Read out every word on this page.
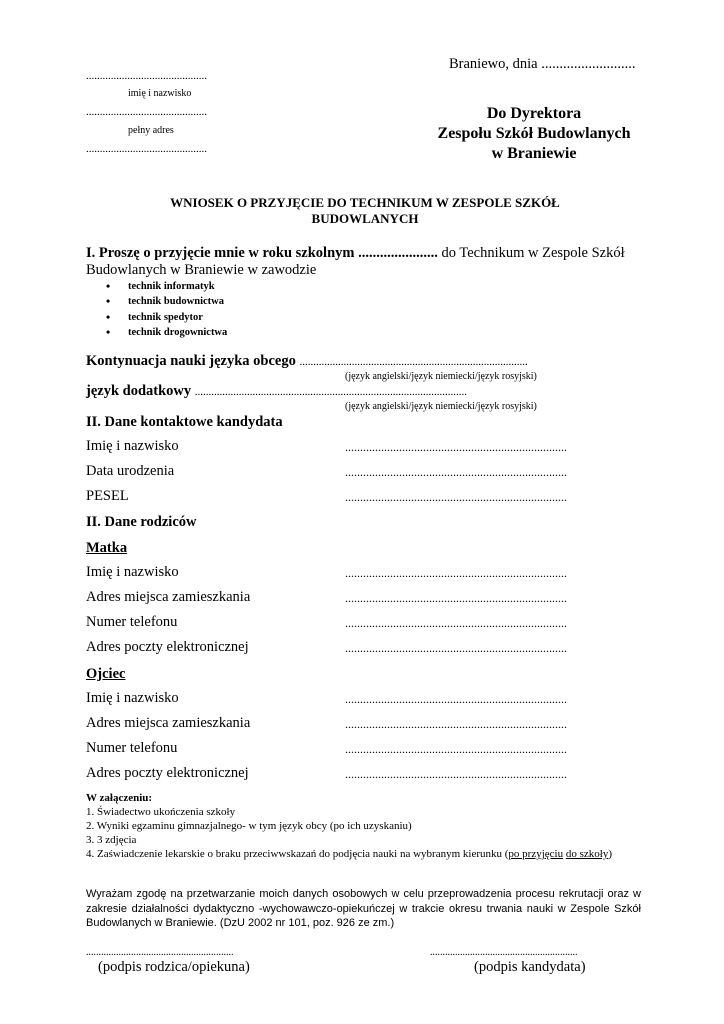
Braniewo, dnia ..........................
............................................
imię i nazwisko
............................................
pełny adres
............................................
Do Dyrektora
Zespołu Szkół Budowlanych
w Braniewie
WNIOSEK O PRZYJĘCIE DO TECHNIKUM W ZESPOLE SZKÓŁ
BUDOWLANYCH
I. Proszę o przyjęcie mnie w roku szkolnym ...................... do Technikum w Zespole Szkół
Budowlanych w Braniewie w zawodzie
• technik informatyk
• technik budownictwa
• technik spedytor
• technik drogownictwa
Kontynuacja nauki języka obcego ...................................................................................
(język angielski/język niemiecki/język rosyjski)
język dodatkowy ...................................................................................................
(język angielski/język niemiecki/język rosyjski)
II. Dane kontaktowe kandydata
Imię i nazwisko	..........................................................................
Data urodzenia	..........................................................................
PESEL	..........................................................................
II. Dane rodziców
Matka
Imię i nazwisko	..........................................................................
Adres miejsca zamieszkania	..........................................................................
Numer telefonu	..........................................................................
Adres poczty elektronicznej	..........................................................................
Ojciec
Imię i nazwisko	..........................................................................
Adres miejsca zamieszkania	..........................................................................
Numer telefonu	..........................................................................
Adres poczty elektronicznej	..........................................................................
W załączeniu:
1. Świadectwo ukończenia szkoły
2. Wyniki egzaminu gimnazjalnego- w tym język obcy (po ich uzyskaniu)
3. 3 zdjęcia
4. Zaświadczenie lekarskie o braku przeciwwskazań do podjęcia nauki na wybranym kierunku (po przyjęciu do szkoły)
Wyrażam zgodę na przetwarzanie moich danych osobowych w celu przeprowadzenia procesu rekrutacji oraz w zakresie działalności dydaktyczno -wychowawczo-opiekuńczej w trakcie okresu trwania nauki w Zespole Szkół Budowlanych w Braniewie. (DzU 2002 nr 101, poz. 926 ze zm.)
...........................................................
(podpis rodzica/opiekuna)
...........................................................
(podpis kandydata)
